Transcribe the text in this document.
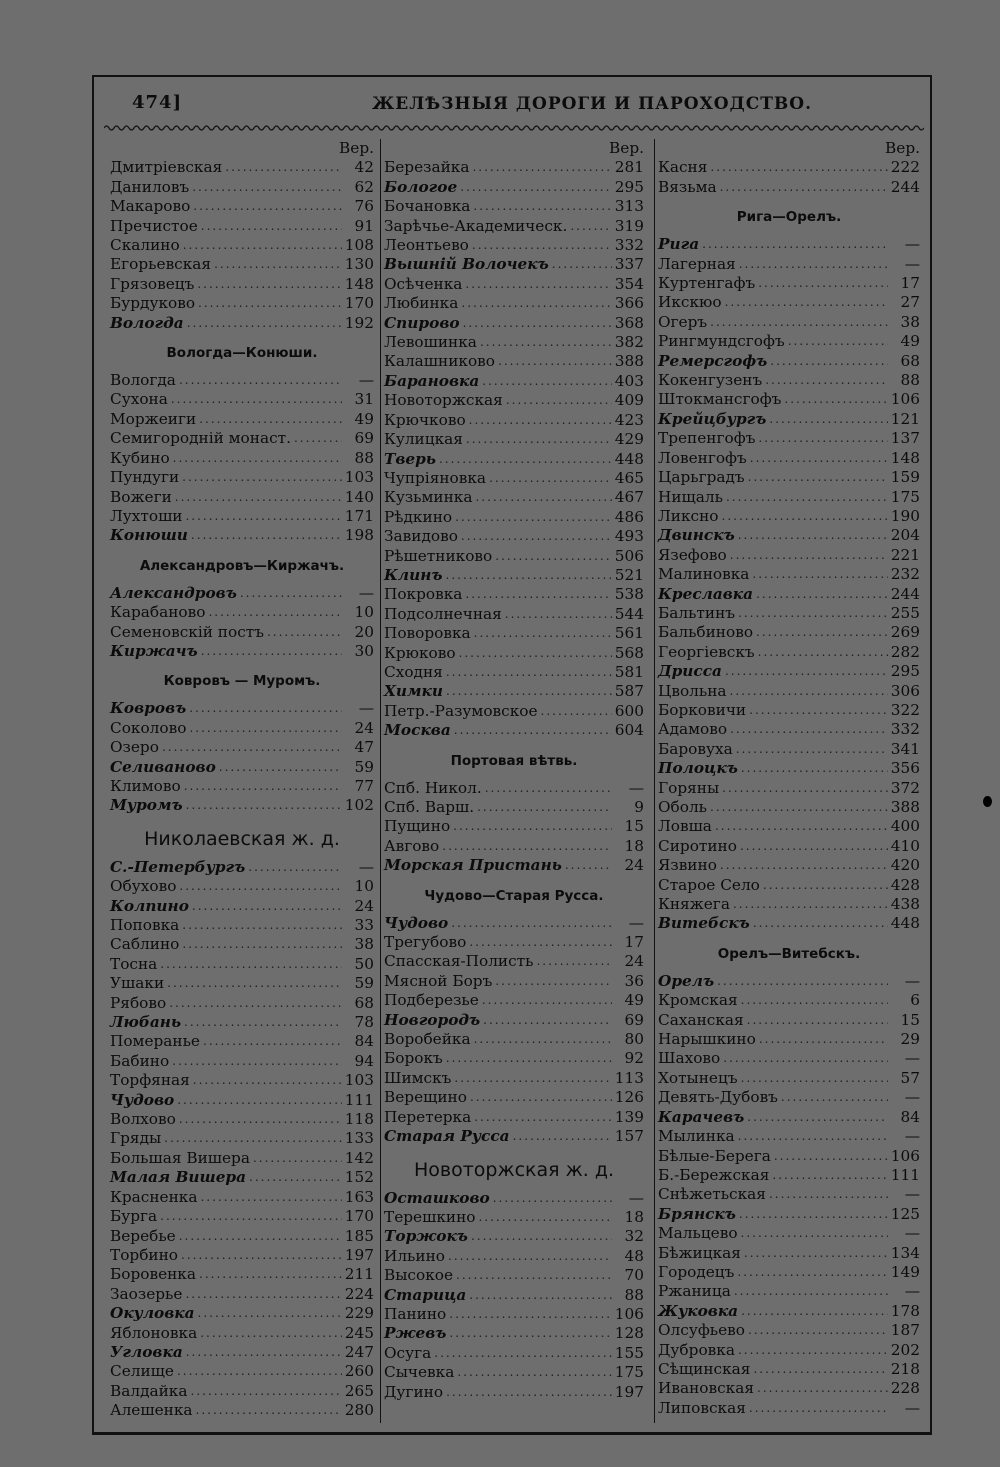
474]	ЖЕЛѢЗНЫЯ ДОРОГИ И ПАРОХОДСТВО.
Вер.
Дмитрiевская .....	42
Даниловъ .....	62
Макарово .....	76
Пречистое .....	91
Скалино .....	108
Егорьевская .....	130
Грязовецъ .....	148
Бурдуково .....	170
Вологда .....	192
Вологда—Конюши.
Вологда .....	—
Сухона .....	31
Моржеиги .....	49
Семигородній монаст. .....	69
Кубино .....	88
Пундуги .....	103
Вожеги .....	140
Лухтоши .....	171
Конюши .....	198
Александровъ—Киржачъ.
Александровъ .....	—
Карабаново .....	10
Семеновскій постъ .....	20
Киржачъ .....	30
Ковровъ — Муромъ.
Ковровъ .....	—
Соколово .....	24
Озеро .....	47
Селиваново .....	59
Климово .....	77
Муромъ .....	102
Николаевская ж. д.
С.-Петербургъ .....	—
Обухово .....	10
Колпино .....	24
Поповка .....	33
Саблино .....	38
Тосна .....	50
Ушаки .....	59
Рябово .....	68
Любань .....	78
Померанье .....	84
Бабино .....	94
Торфяная .....	103
Чудово .....	111
Волхово .....	118
Гряды .....	133
Большая Вишера .....	142
Малая Вишера .....	152
Красненка .....	163
Бурга .....	170
Веребье .....	185
Торбино .....	197
Боровенка .....	211
Заозерье .....	224
Окуловка .....	229
Яблоновка .....	245
Угловка .....	247
Селище .....	260
Валдайка .....	265
Алешенка .....	280
Вер.
Березайка .....	281
Бологое .....	295
Бочановка .....	313
Зарѣчье-Академическ. .....	319
Леонтьево .....	332
Вышній Волочекъ .....	337
Осѣченка .....	354
Любинка .....	366
Спирово .....	368
Левошинка .....	382
Калашниково .....	388
Барановка .....	403
Новоторжская .....	409
Крючково .....	423
Кулицкая .....	429
Тверь .....	448
Чупріяновка .....	465
Кузьминка .....	467
Рѣдкино .....	486
Завидово .....	493
Рѣшетниково .....	506
Клинъ .....	521
Покровка .....	538
Подсолнечная .....	544
Поворовка .....	561
Крюково .....	568
Сходня .....	581
Химки .....	587
Петр.-Разумовское .....	600
Москва .....	604
Портовая вѣтвь.
Спб. Никол. .....	—
Спб. Варш. .....	9
Пущино .....	15
Авгово .....	18
Морская Пристань .....	24
Чудово—Старая Русса.
Чудово .....	—
Трегубово .....	17
Спасская-Полисть .....	24
Мясной Боръ .....	36
Подберезье .....	49
Новгородъ .....	69
Воробейка .....	80
Борокъ .....	92
Шимскъ .....	113
Верещино .....	126
Перетерка .....	139
Старая Русса .....	157
Новоторжская ж. д.
Осташково .....	—
Терешкино .....	18
Торжокъ .....	32
Ильино .....	48
Высокое .....	70
Старица .....	88
Панино .....	106
Ржевъ .....	128
Осуга .....	155
Сычевка .....	175
Дугино .....	197
Вер.
Касня .....	222
Вязьма .....	244
Рига—Орелъ.
Рига .....	—
Лагерная .....	—
Куртенгафъ .....	17
Икскюо .....	27
Огеръ .....	38
Рингмундсгофъ .....	49
Ремерсгофъ .....	68
Кокенгузенъ .....	88
Штокмансгофъ .....	106
Крейцбургъ .....	121
Трепенгофъ .....	137
Ловенгофъ .....	148
Царьградъ .....	159
Нищаль .....	175
Ликсно .....	190
Двинскъ .....	204
Язефово .....	221
Малиновка .....	232
Креславка .....	244
Бальтинъ .....	255
Бальбиново .....	269
Георгіевскъ .....	282
Дрисса .....	295
Цвольна .....	306
Борковичи .....	322
Адамово .....	332
Баровуха .....	341
Полоцкъ .....	356
Горяны .....	372
Оболь .....	388
Ловша .....	400
Сиротино .....	410
Язвино .....	420
Старое Село .....	428
Княжега .....	438
Витебскъ .....	448
Орелъ—Витебскъ.
Орелъ .....	—
Кромская .....	6
Саханская .....	15
Нарышкино .....	29
Шахово .....	—
Хотынецъ .....	57
Девять-Дубовъ .....	—
Карачевъ .....	84
Мылинка .....	—
Бѣлые-Берега .....	106
Б.-Бережская .....	111
Снѣжетьская .....	—
Брянскъ .....	125
Мальцево .....	—
Бѣжицкая .....	134
Городецъ .....	149
Ржаница .....	—
Жуковка .....	178
Олсуфьево .....	187
Дубровка .....	202
Сѣщинская .....	218
Ивановская .....	228
Липовская .....	—
